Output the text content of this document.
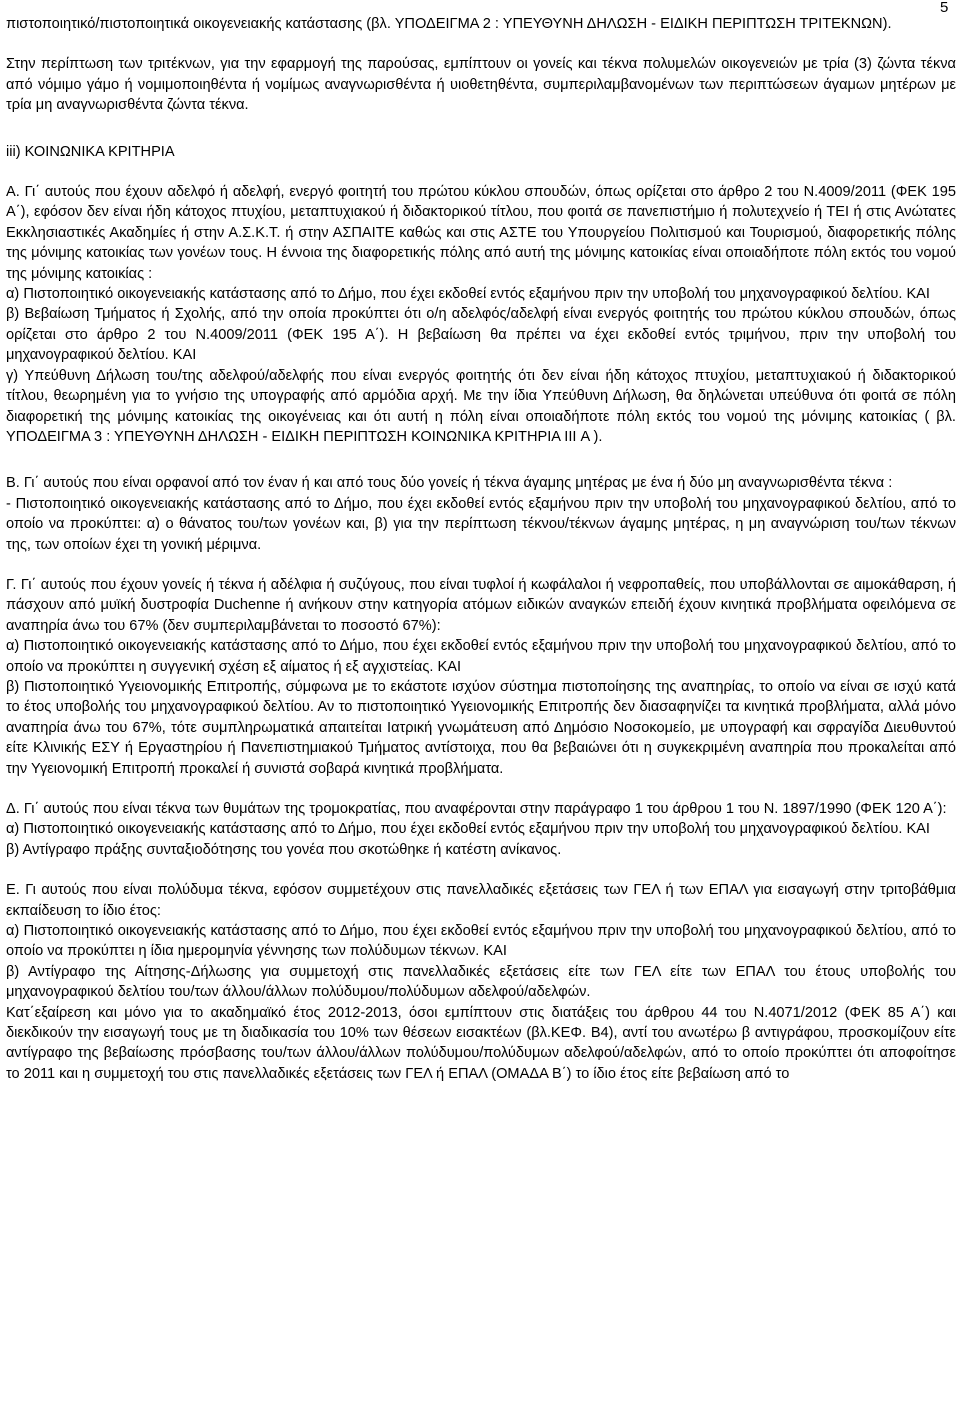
5

πιστοποιητικό/πιστοποιητικά οικογενειακής κατάστασης (βλ. ΥΠΟΔΕΙΓΜΑ 2 : ΥΠΕΥΘΥΝΗ ΔΗΛΩΣΗ - ΕΙΔΙΚΗ ΠΕΡΙΠΤΩΣΗ ΤΡΙΤΕΚΝΩΝ).

Στην περίπτωση των τριτέκνων, για την εφαρμογή της παρούσας, εμπίπτουν οι γονείς και τέκνα πολυμελών οικογενειών με τρία (3) ζώντα τέκνα από νόμιμο γάμο ή νομιμοποιηθέντα ή νομίμως αναγνωρισθέντα ή υιοθετηθέντα, συμπεριλαμβανομένων των περιπτώσεων άγαμων μητέρων με τρία μη αναγνωρισθέντα ζώντα τέκνα.

iii) ΚΟΙΝΩΝΙΚΑ ΚΡΙΤΗΡΙΑ

Α. Γι΄ αυτούς που έχουν αδελφό ή αδελφή, ενεργό φοιτητή του πρώτου κύκλου σπουδών, όπως ορίζεται στο άρθρο 2 του Ν.4009/2011 (ΦΕΚ 195 Α΄), εφόσον δεν είναι ήδη κάτοχος πτυχίου, μεταπτυχιακού ή διδακτορικού τίτλου, που φοιτά σε πανεπιστήμιο ή πολυτεχνείο ή ΤΕΙ ή στις Ανώτατες Εκκλησιαστικές Ακαδημίες ή στην Α.Σ.Κ.Τ. ή στην ΑΣΠΑΙΤΕ καθώς και στις ΑΣΤΕ του Υπουργείου Πολιτισμού και Τουρισμού, διαφορετικής πόλης της μόνιμης κατοικίας των γονέων τους. Η έννοια της διαφορετικής πόλης από αυτή της μόνιμης κατοικίας είναι οποιαδήποτε πόλη εκτός του νομού της μόνιμης κατοικίας :

α) Πιστοποιητικό οικογενειακής κατάστασης από το Δήμο, που έχει εκδοθεί εντός εξαμήνου πριν την υποβολή του μηχανογραφικού δελτίου. ΚΑΙ

β) Βεβαίωση Τμήματος ή Σχολής, από την οποία προκύπτει ότι ο/η αδελφός/αδελφή είναι ενεργός φοιτητής του πρώτου κύκλου σπουδών, όπως ορίζεται στο άρθρο 2 του Ν.4009/2011 (ΦΕΚ 195 Α΄). Η βεβαίωση θα πρέπει να έχει εκδοθεί εντός τριμήνου, πριν την υποβολή του μηχανογραφικού δελτίου. ΚΑΙ

γ) Υπεύθυνη Δήλωση του/της αδελφού/αδελφής που είναι ενεργός φοιτητής ότι δεν είναι ήδη κάτοχος πτυχίου, μεταπτυχιακού ή διδακτορικού τίτλου, θεωρημένη για το γνήσιο της υπογραφής από αρμόδια αρχή. Με την ίδια Υπεύθυνη Δήλωση, θα δηλώνεται υπεύθυνα ότι φοιτά σε πόλη διαφορετική της μόνιμης κατοικίας της οικογένειας και ότι αυτή η πόλη είναι οποιαδήποτε πόλη εκτός του νομού της μόνιμης κατοικίας ( βλ. ΥΠΟΔΕΙΓΜΑ 3 : ΥΠΕΥΘΥΝΗ ΔΗΛΩΣΗ - ΕΙΔΙΚΗ ΠΕΡΙΠΤΩΣΗ ΚΟΙΝΩΝΙΚΑ ΚΡΙΤΗΡΙΑ III Α ).

Β. Γι΄ αυτούς που είναι ορφανοί από τον έναν ή και από τους δύο γονείς ή τέκνα άγαμης μητέρας με ένα ή δύο μη αναγνωρισθέντα τέκνα :

- Πιστοποιητικό οικογενειακής κατάστασης από το Δήμο, που έχει εκδοθεί εντός εξαμήνου πριν την υποβολή του μηχανογραφικού δελτίου, από το οποίο να προκύπτει: α) ο θάνατος του/των γονέων και, β) για την περίπτωση τέκνου/τέκνων άγαμης μητέρας, η μη αναγνώριση του/των τέκνων της, των οποίων έχει τη γονική μέριμνα.

Γ. Γι΄ αυτούς που έχουν γονείς ή τέκνα ή αδέλφια ή συζύγους, που είναι τυφλοί ή κωφάλαλοι ή νεφροπαθείς, που υποβάλλονται σε αιμοκάθαρση, ή πάσχουν από μυϊκή δυστροφία Duchenne ή ανήκουν στην κατηγορία ατόμων ειδικών αναγκών επειδή έχουν κινητικά προβλήματα οφειλόμενα σε αναπηρία άνω του 67% (δεν συμπεριλαμβάνεται το ποσοστό 67%):

α) Πιστοποιητικό οικογενειακής κατάστασης από το Δήμο, που έχει εκδοθεί εντός εξαμήνου πριν την υποβολή του μηχανογραφικού δελτίου, από το οποίο να προκύπτει η συγγενική σχέση εξ αίματος ή εξ αγχιστείας. ΚΑΙ

β) Πιστοποιητικό Υγειονομικής Επιτροπής, σύμφωνα με το εκάστοτε ισχύον σύστημα πιστοποίησης της αναπηρίας, το οποίο να είναι σε ισχύ κατά το έτος υποβολής του μηχανογραφικού δελτίου. Αν το πιστοποιητικό Υγειονομικής Επιτροπής δεν διασαφηνίζει τα κινητικά προβλήματα, αλλά μόνο αναπηρία άνω του 67%, τότε συμπληρωματικά απαιτείται Ιατρική γνωμάτευση από Δημόσιο Νοσοκομείο, με υπογραφή και σφραγίδα Διευθυντού είτε Κλινικής ΕΣΥ ή Εργαστηρίου ή Πανεπιστημιακού Τμήματος αντίστοιχα, που θα βεβαιώνει ότι η συγκεκριμένη αναπηρία που προκαλείται από την Υγειονομική Επιτροπή προκαλεί ή συνιστά σοβαρά κινητικά προβλήματα.

Δ. Γι΄ αυτούς που είναι τέκνα των θυμάτων της τρομοκρατίας, που αναφέρονται στην παράγραφο 1 του άρθρου 1 του Ν. 1897/1990 (ΦΕΚ 120 Α΄):

α) Πιστοποιητικό οικογενειακής κατάστασης από το Δήμο, που έχει εκδοθεί εντός εξαμήνου πριν την υποβολή του μηχανογραφικού δελτίου. ΚΑΙ

β) Αντίγραφο πράξης συνταξιοδότησης του γονέα που σκοτώθηκε ή κατέστη ανίκανος.

Ε. Γι αυτούς που είναι πολύδυμα τέκνα, εφόσον συμμετέχουν στις πανελλαδικές εξετάσεις των ΓΕΛ ή των ΕΠΑΛ για εισαγωγή στην τριτοβάθμια εκπαίδευση το ίδιο έτος:

α) Πιστοποιητικό οικογενειακής κατάστασης από το Δήμο, που έχει εκδοθεί εντός εξαμήνου πριν την υποβολή του μηχανογραφικού δελτίου, από το οποίο να προκύπτει η ίδια ημερομηνία γέννησης των πολύδυμων τέκνων. ΚΑΙ

β) Αντίγραφο της Αίτησης-Δήλωσης για συμμετοχή στις πανελλαδικές εξετάσεις είτε των ΓΕΛ είτε των ΕΠΑΛ του έτους υποβολής του μηχανογραφικού δελτίου του/των άλλου/άλλων πολύδυμου/πολύδυμων αδελφού/αδελφών.

Κατ΄εξαίρεση και μόνο για το ακαδημαϊκό έτος 2012-2013, όσοι εμπίπτουν στις διατάξεις του άρθρου 44 του Ν.4071/2012 (ΦΕΚ 85 Α΄) και διεκδικούν την εισαγωγή τους με τη διαδικασία του 10% των θέσεων εισακτέων (βλ.ΚΕΦ. Β4), αντί του ανωτέρω β αντιγράφου, προσκομίζουν είτε αντίγραφο της βεβαίωσης πρόσβασης του/των άλλου/άλλων πολύδυμου/πολύδυμων αδελφού/αδελφών, από το οποίο προκύπτει ότι αποφοίτησε το 2011 και η συμμετοχή του στις πανελλαδικές εξετάσεις των ΓΕΛ ή ΕΠΑΛ (ΟΜΑΔΑ Β΄) το ίδιο έτος είτε βεβαίωση από το
